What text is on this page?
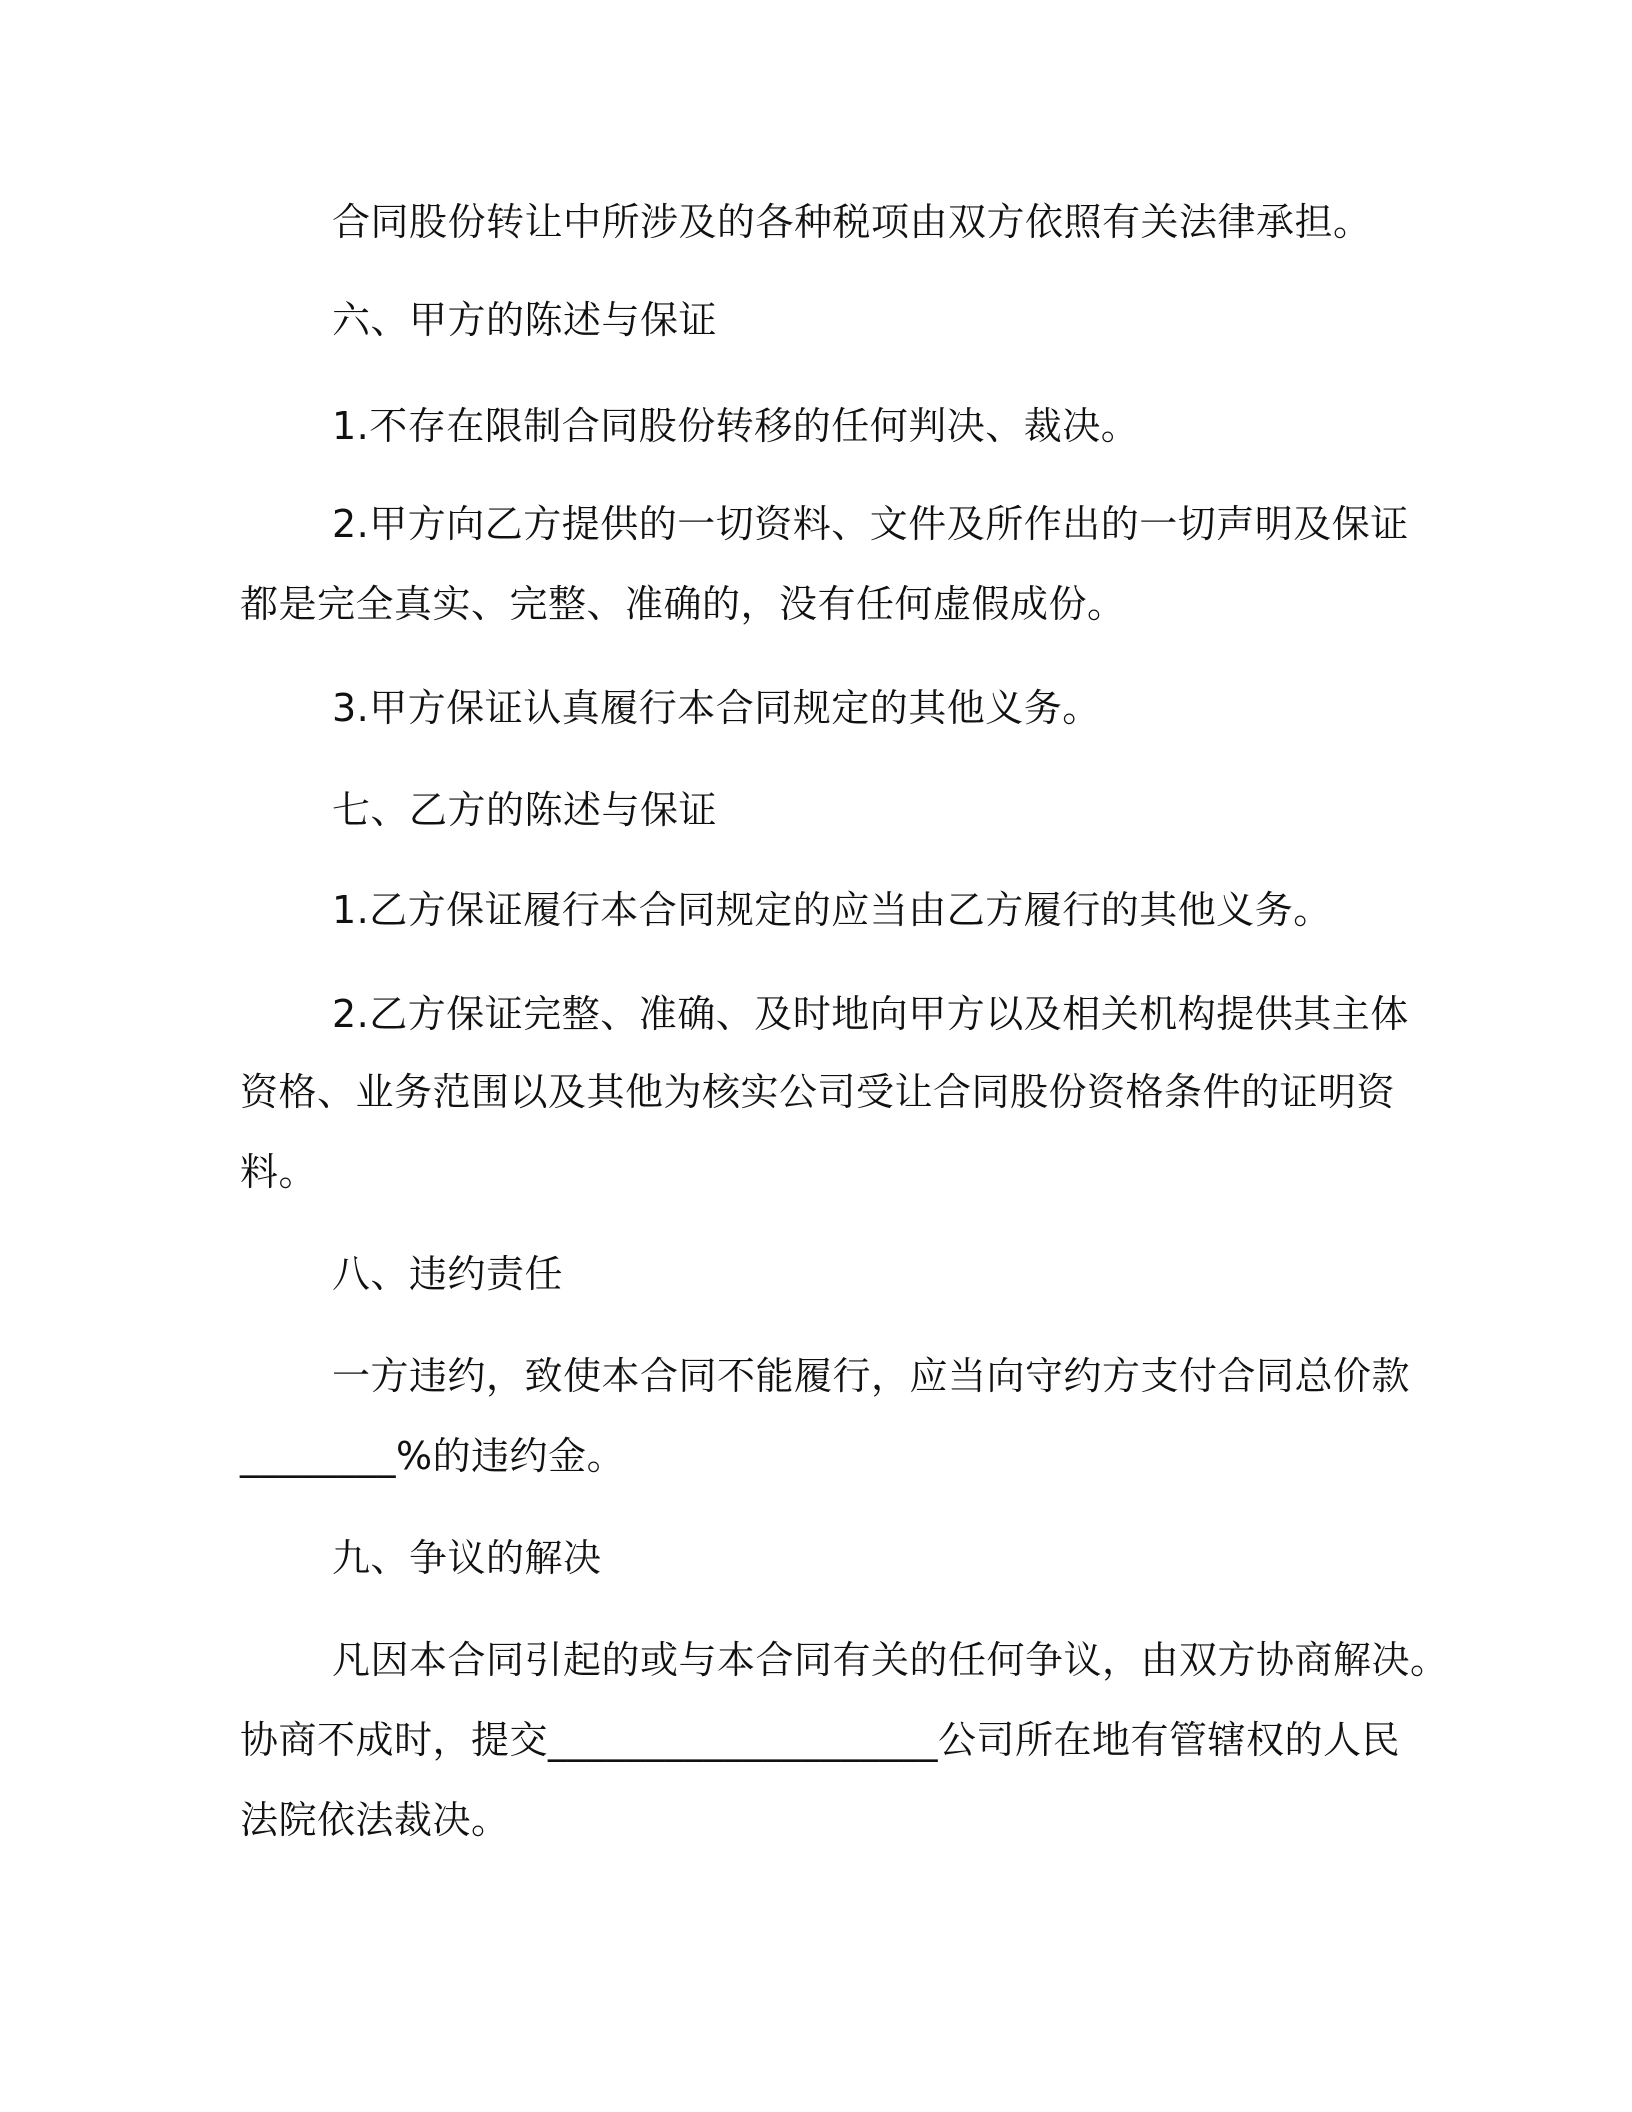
合同股份转让中所涉及的各种税项由双方依照有关法律承担。

六、甲方的陈述与保证

1.不存在限制合同股份转移的任何判决、裁决。

2.甲方向乙方提供的一切资料、文件及所作出的一切声明及保证

都是完全真实、完整、准确的，没有任何虚假成份。

3.甲方保证认真履行本合同规定的其他义务。

七、乙方的陈述与保证

1.乙方保证履行本合同规定的应当由乙方履行的其他义务。

2.乙方保证完整、准确、及时地向甲方以及相关机构提供其主体

资格、业务范围以及其他为核实公司受让合同股份资格条件的证明资

料。

八、违约责任

一方违约，致使本合同不能履行，应当向守约方支付合同总价款

________%的违约金。

九、争议的解决

凡因本合同引起的或与本合同有关的任何争议，由双方协商解决。

协商不成时，提交____________________公司所在地有管辖权的人民

法院依法裁决。
